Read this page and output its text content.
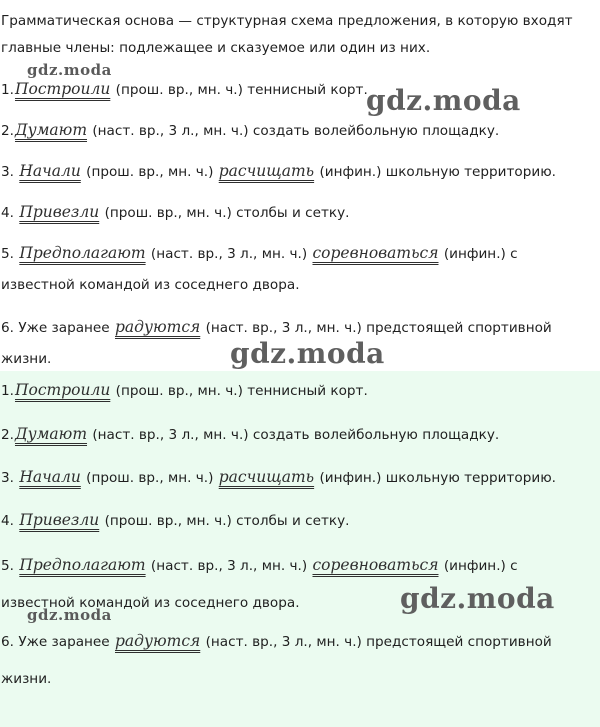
Грамматическая основа — структурная схема предложения, в которую входят

главные члены: подлежащее и сказуемое или один из них.

1.Построили (прош. вр., мн. ч.) теннисный корт.
2.Думают (наст. вр., 3 л., мн. ч.) создать волейбольную площадку.
3. Начали (прош. вр., мн. ч.) расчищать (инфин.) школьную территорию.
4. Привезли (прош. вр., мн. ч.) столбы и сетку.
5. Предполагают (наст. вр., 3 л., мн. ч.) соревноваться (инфин.) с известной командой из соседнего двора.
6. Уже заранее радуются (наст. вр., 3 л., мн. ч.) предстоящей спортивной жизни.
1.Построили (прош. вр., мн. ч.) теннисный корт.
2.Думают (наст. вр., 3 л., мн. ч.) создать волейбольную площадку.
3. Начали (прош. вр., мн. ч.) расчищать (инфин.) школьную территорию.
4. Привезли (прош. вр., мн. ч.) столбы и сетку.
5. Предполагают (наст. вр., 3 л., мн. ч.) соревноваться (инфин.) с известной командой из соседнего двора.
6. Уже заранее радуются (наст. вр., 3 л., мн. ч.) предстоящей спортивной жизни.
gdz.moda
gdz.moda
gdz.moda
gdz.moda
gdz.moda
